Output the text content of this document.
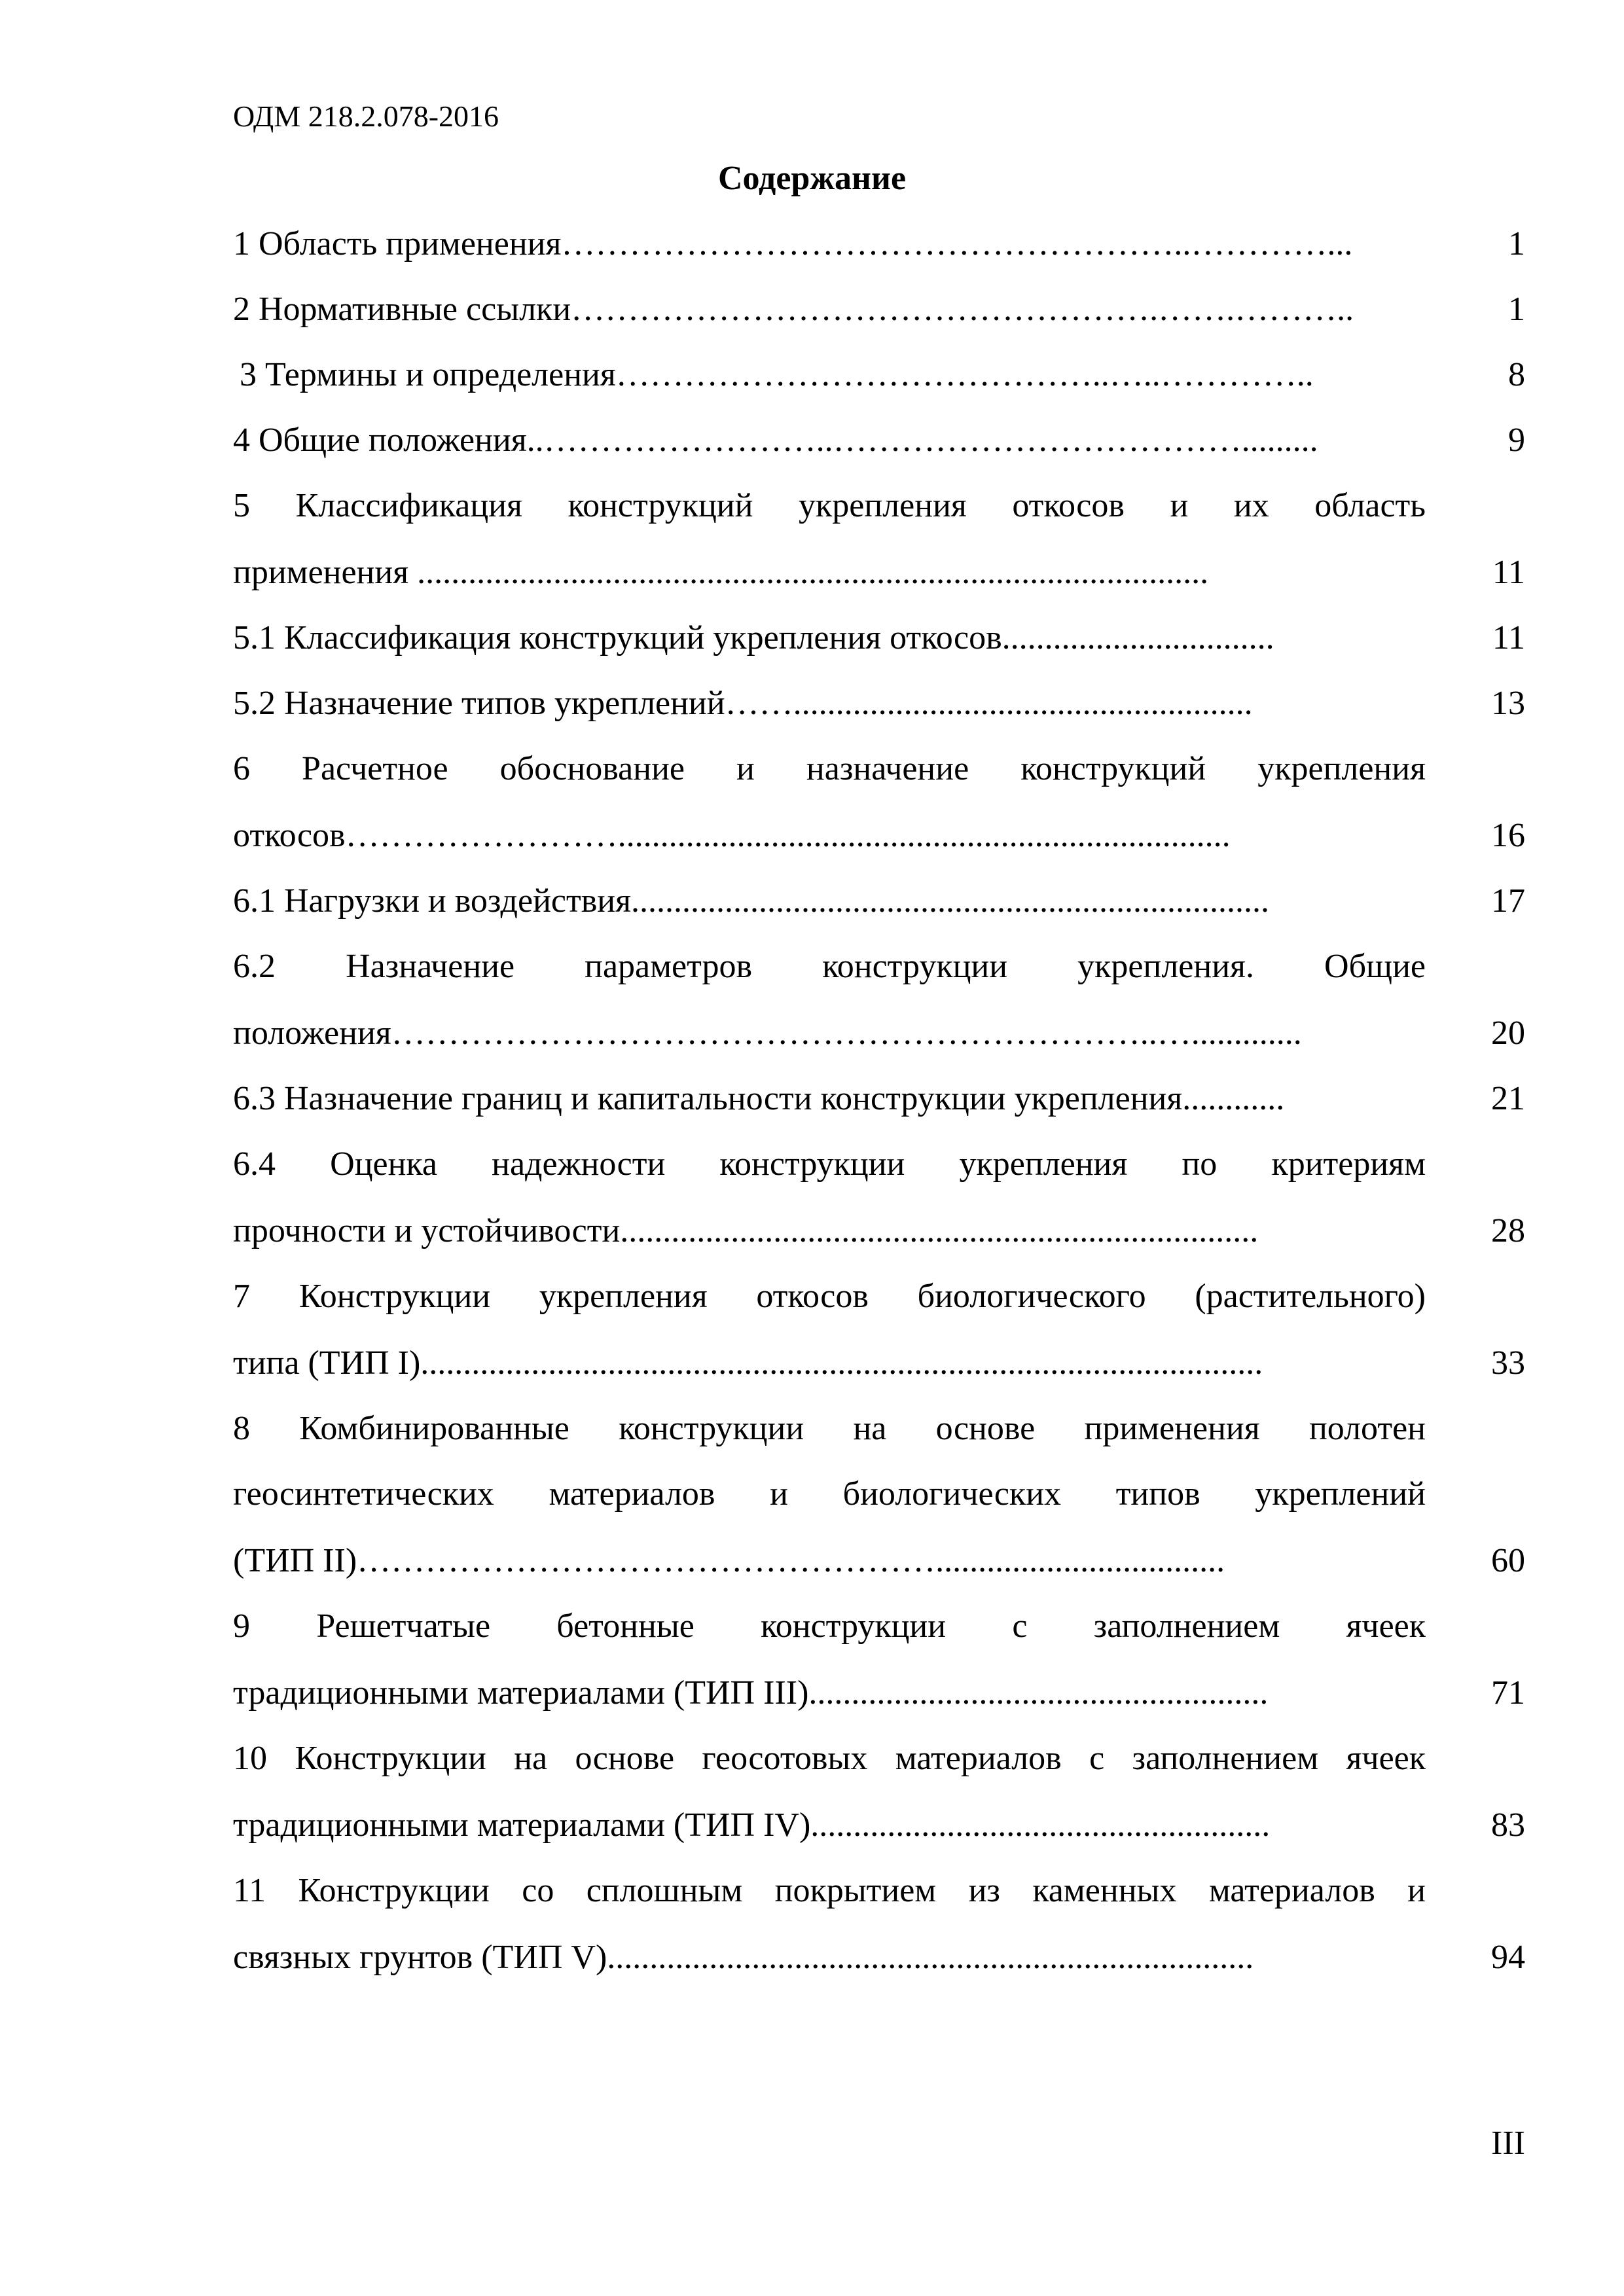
ОДМ 218.2.078-2016
Содержание
1 Область применения………………………………………………..…………...	1
2 Нормативные ссылки…………………………………………….…….………..	1
3 Термины и определения……………………………………..…..…………..	8
4 Общие положения..……………………..……………………………….........	9
5 Классификация конструкций укрепления откосов и их область
применения .............................................................................................	11
5.1 Классификация конструкций укрепления откосов................................	11
5.2 Назначение типов укреплений……......................................................	13
6 Расчетное обоснование и назначение конструкций укрепления
откосов……………………........................................................................	16
6.1 Нагрузки и воздействия...........................................................................	17
6.2 Назначение параметров конструкции укрепления. Общие
положения…………………………………………………………..….............	20
6.3 Назначение границ и капитальности конструкции укрепления............	21
6.4 Оценка надежности конструкции укрепления по критериям
прочности и устойчивости...........................................................................	28
7 Конструкции укрепления откосов биологического (растительного)
типа (ТИП I)...................................................................................................	33
8 Комбинированные конструкции на основе применения полотен
геосинтетических материалов и биологических типов укреплений
(ТИП II)……………………………………………..................................	60
9 Решетчатые бетонные конструкции с заполнением ячеек
традиционными материалами (ТИП III)......................................................	71
10 Конструкции на основе геосотовых материалов с заполнением ячеек
традиционными материалами (ТИП IV)......................................................	83
11 Конструкции со сплошным покрытием из каменных материалов и
связных грунтов (ТИП V)............................................................................	94
III
